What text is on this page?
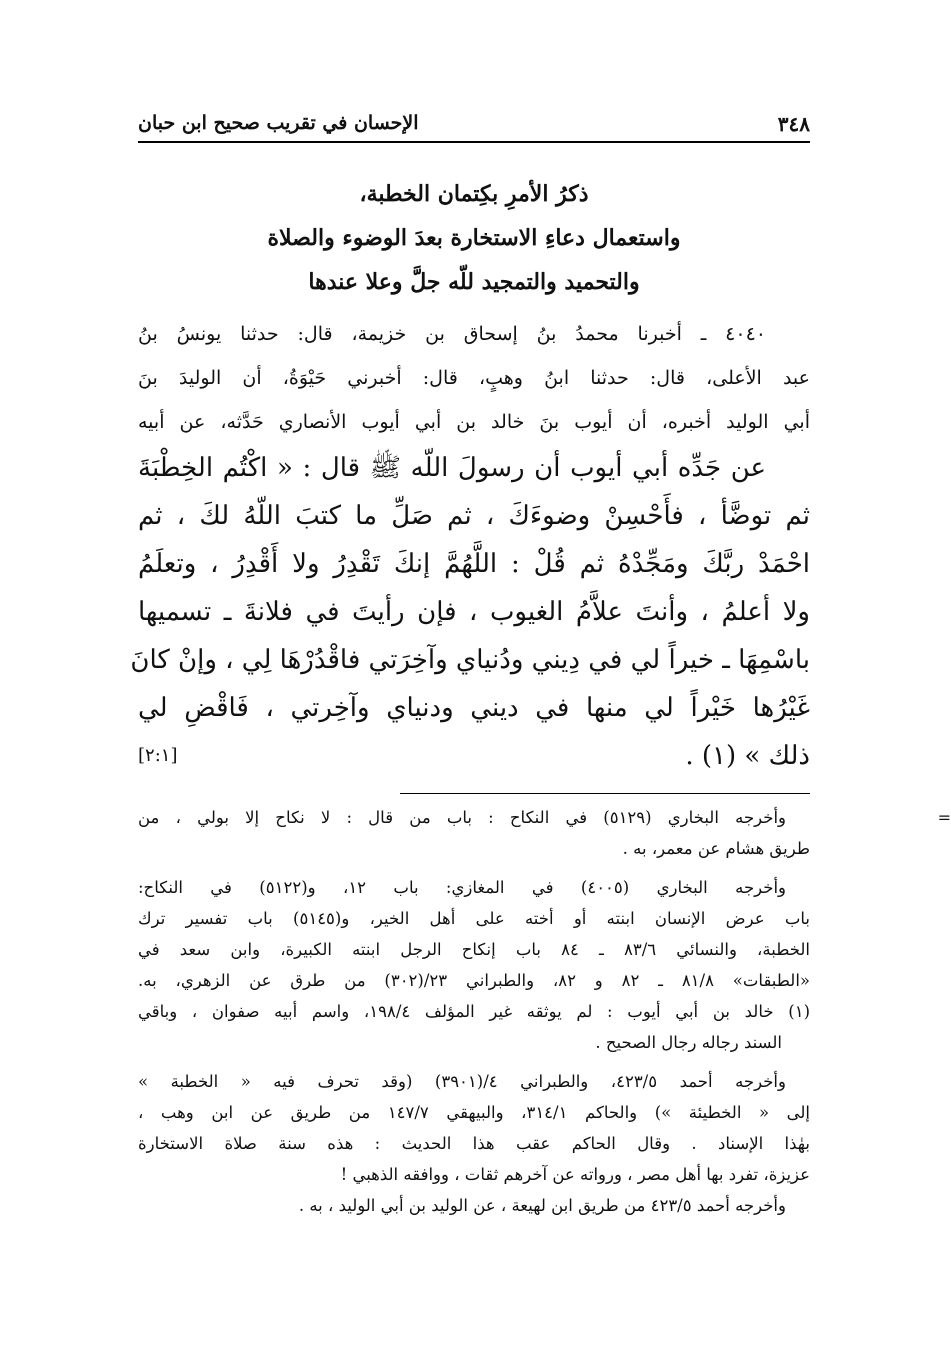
٣٤٨
الإحسان في تقريب صحيح ابن حبان
ذكرُ الأمرِ بكِتمان الخطبة،
واستعمال دعاءِ الاستخارة بعدَ الوضوء والصلاة
والتحميد والتمجيد للّه جلَّ وعلا عندها
٤٠٤٠ ـ أخبرنا محمدُ بنُ إسحاق بن خزيمة، قال: حدثنا يونسُ بنُ
عبد الأعلى، قال: حدثنا ابنُ وهبٍ، قال: أخبرني حَيْوَةُ، أن الوليدَ بنَ
أبي الوليد أخبره، أن أيوب بنَ خالد بن أبي أيوب الأنصاري حَدَّثه، عن أبيه
عن جَدِّه أبي أيوب أن رسولَ اللّه ﷺ قال : « اكْتُم الخِطْبَةَ
ثم توضَّأ ، فأَحْسِنْ وضوءَكَ ، ثم صَلِّ ما كتبَ اللّهُ لكَ ، ثم
احْمَدْ ربَّكَ ومَجِّدْهُ ثم قُلْ : اللَّهُمَّ إنكَ تَقْدِرُ ولا أَقْدِرُ ، وتعلَمُ
ولا أعلمُ ، وأنتَ علاَّمُ الغيوب ، فإن رأيتَ في فلانةَ ـ تسميها
باسْمِهَا ـ خيراً لي في دِيني ودُنياي وآخِرَتي فاقْدُرْهَا لِي ، وإنْ كانَ
غَيْرُها خَيْراً لي منها في ديني ودنياي وآخِرتي ، فَاقْضِ لي
ذلك » (١) .
[٢:١]
=
وأخرجه البخاري (٥١٢٩) في النكاح : باب من قال : لا نكاح إلا بولي ، من
طريق هشام عن معمر، به .
وأخرجه البخاري (٤٠٠٥) في المغازي: باب ١٢، و(٥١٢٢) في النكاح:
باب عرض الإنسان ابنته أو أخته على أهل الخير، و(٥١٤٥) باب تفسير ترك
الخطبة، والنسائي ٨٣/٦ ـ ٨٤ باب إنكاح الرجل ابنته الكبيرة، وابن سعد في
«الطبقات» ٨١/٨ ـ ٨٢ و ٨٢، والطبراني ٢٣/(٣٠٢) من طرق عن الزهري، به.
(١) خالد بن أبي أيوب : لم يوثقه غير المؤلف ١٩٨/٤، واسم أبيه صفوان ، وباقي
السند رجاله رجال الصحيح .
وأخرجه أحمد ٤٢٣/٥، والطبراني ٤/(٣٩٠١) (وقد تحرف فيه « الخطبة »
إلى « الخطيئة ») والحاكم ٣١٤/١، والبيهقي ١٤٧/٧ من طريق عن ابن وهب ،
بهٰذا الإسناد . وقال الحاكم عقب هذا الحديث : هذه سنة صلاة الاستخارة
عزيزة، تفرد بها أهل مصر ، ورواته عن آخرهم ثقات ، ووافقه الذهبي !
وأخرجه أحمد ٤٢٣/٥ من طريق ابن لهيعة ، عن الوليد بن أبي الوليد ، به .
